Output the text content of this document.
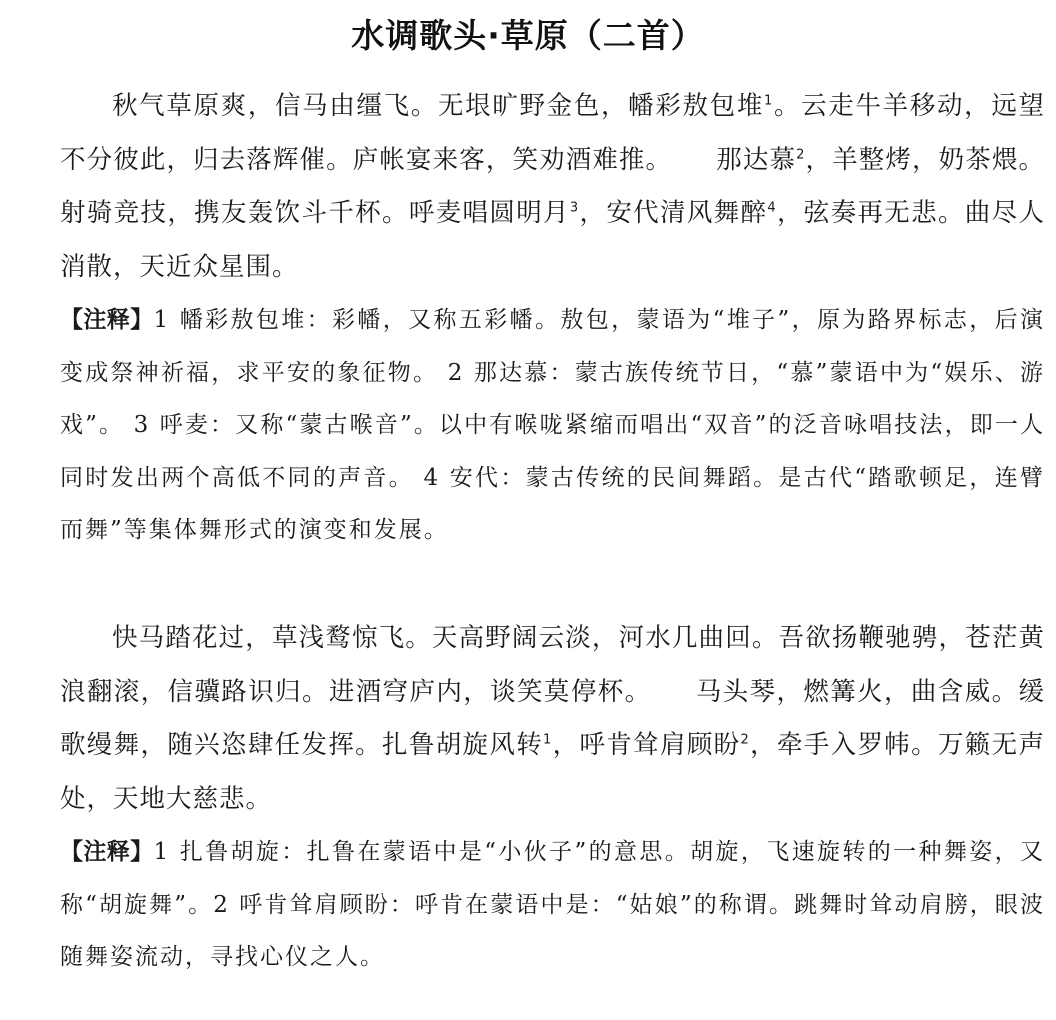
水调歌头·草原（二首）

秋气草原爽，信马由缰飞。无垠旷野金色，幡彩敖包堆$^1$。云走牛羊移动，远望不分彼此，归去落辉催。庐帐宴来客，笑劝酒难推。 那达慕$^2$，羊整烤，奶茶煨。射骑竞技，携友轰饮斗千杯。呼麦唱圆明月$^3$，安代清风舞醉$^4$，弦奏再无悲。曲尽人消散，天近众星围。

【注释】1 幡彩敖包堆：彩幡，又称五彩幡。敖包，蒙语为“堆子”，原为路界标志，后演变成祭神祈福，求平安的象征物。 2 那达慕：蒙古族传统节日，“慕”蒙语中为“娱乐、游戏”。 3 呼麦：又称“蒙古喉音”。以中有喉咙紧缩而唱出“双音”的泛音咏唱技法，即一人同时发出两个高低不同的声音。 4 安代：蒙古传统的民间舞蹈。是古代“踏歌顿足，连臂而舞”等集体舞形式的演变和发展。

快马踏花过，草浅鹜惊飞。天高野阔云淡，河水几曲回。吾欲扬鞭驰骋，苍茫黄浪翻滚，信骥路识归。进酒穹庐内，谈笑莫停杯。 马头琴，燃篝火，曲含威。缓歌缦舞，随兴恣肆任发挥。扎鲁胡旋风转$^1$，呼肯耸肩顾盼$^2$，牵手入罗帏。万籁无声处，天地大慈悲。

【注释】1 扎鲁胡旋：扎鲁在蒙语中是“小伙子”的意思。胡旋，飞速旋转的一种舞姿，又称“胡旋舞”。2 呼肯耸肩顾盼：呼肯在蒙语中是：“姑娘”的称谓。跳舞时耸动肩膀，眼波随舞姿流动，寻找心仪之人。
